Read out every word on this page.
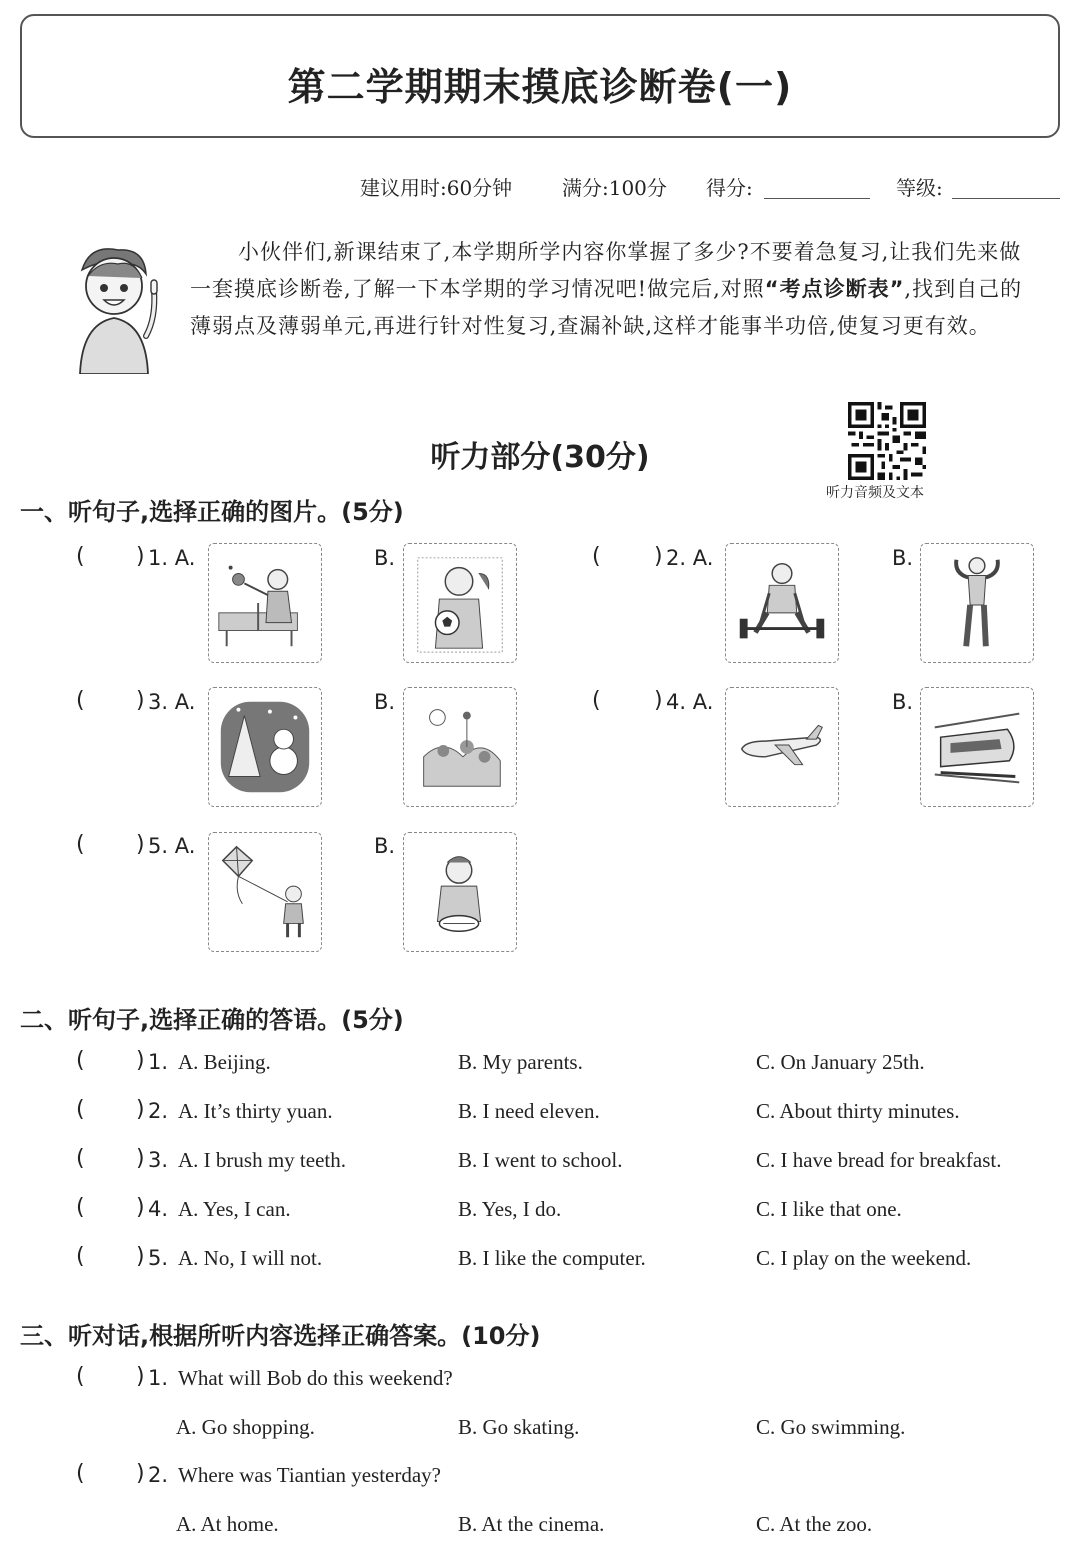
第二学期期末摸底诊断卷(一)
建议用时:60分钟 满分:100分 得分:	等级:

小伙伴们,新课结束了,本学期所学内容你掌握了多少?不要着急复习,让我们先来做一套摸底诊断卷,了解一下本学期的学习情况吧!做完后,对照“考点诊断表”,找到自己的薄弱点及薄弱单元,再进行针对性复习,查漏补缺,这样才能事半功倍,使复习更有效。

听力部分(30分)
听力音频及文本
一、听句子,选择正确的图片。(5分)
( ) 1. A.	B.	( ) 2. A.	B.
( ) 3. A.	B.	( ) 4. A.	B.
( ) 5. A.	B.
二、听句子,选择正确的答语。(5分)
( ) 1. A. Beijing.	B. My parents.	C. On January 25th.
( ) 2. A. It’s thirty yuan.	B. I need eleven.	C. About thirty minutes.
( ) 3. A. I brush my teeth.	B. I went to school.	C. I have bread for breakfast.
( ) 4. A. Yes, I can.	B. Yes, I do.	C. I like that one.
( ) 5. A. No, I will not.	B. I like the computer.	C. I play on the weekend.
三、听对话,根据所听内容选择正确答案。(10分)
( ) 1. What will Bob do this weekend?
A. Go shopping.	B. Go skating.	C. Go swimming.
( ) 2. Where was Tiantian yesterday?
A. At home.	B. At the cinema.	C. At the zoo.
